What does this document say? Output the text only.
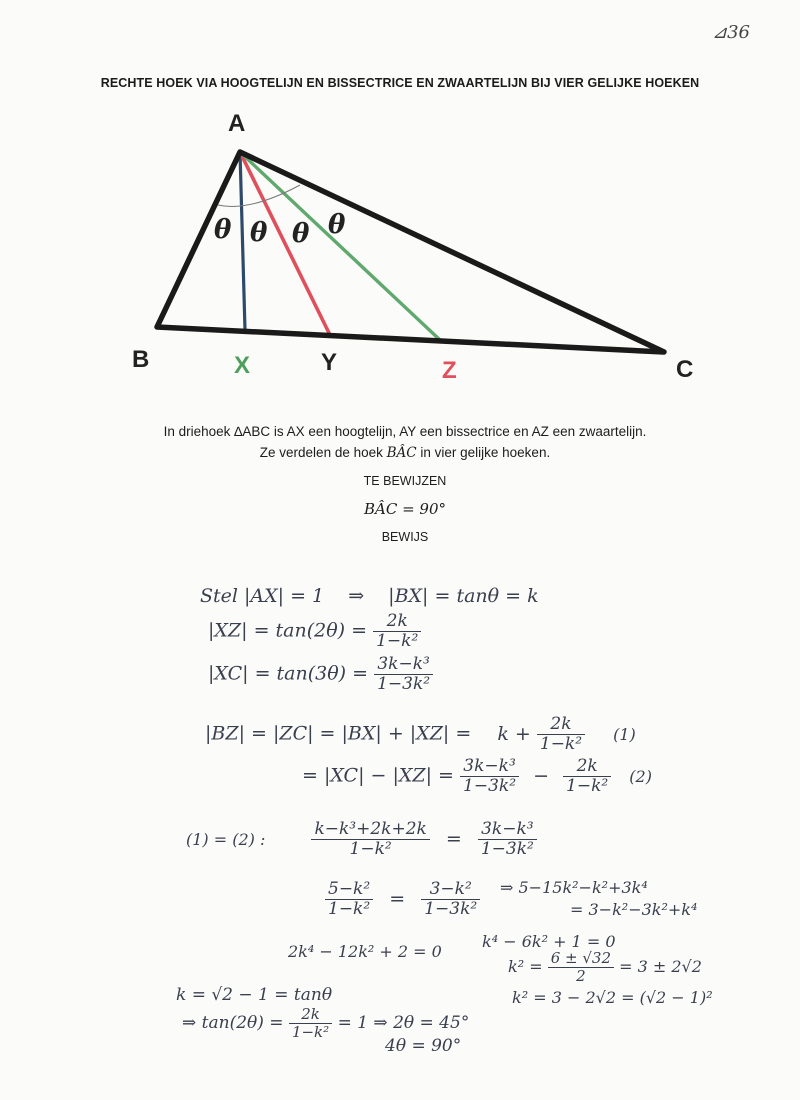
⊿36
RECHTE HOEK VIA HOOGTELIJN EN BISSECTRICE EN ZWAARTELIJN BIJ VIER GELIJKE HOEKEN
A
B	C
X	Y	Z
θ θ θ θ
In driehoek ∆ABC is AX een hoogtelijn, AY een bissectrice en AZ een zwaartelijn.
Ze verdelen de hoek BÂC in vier gelijke hoeken.
TE BEWIJZEN
BÂC = 90°
BEWIJS
Stel |AX| = 1 ⇒ |BX| = tanθ = k
$|XZ| = \tan(2\theta) = \frac{2k}{\text{1−k²}}$
$|XC| = \tan(3\theta) = \frac{\text{3k−k³}}{\text{1−3k²}}$
$|BZ| = |ZC| = |BX| + |XZ| = k + \frac{2k}{\text{1−k²}} (1)$
= $|XC| - |XZ| = \frac{\text{3k−k³}}{\text{1−3k²}} - \frac{2k}{\text{1−k²}} (2)$
(1) = (2) :	$\frac{\text{k−k³+2k+2k}}{\text{1−k²}} = \frac{\text{3k−k³}}{\text{1−3k²}}$
$\frac{\text{5−k²}}{\text{1−k²}} = \frac{\text{3−k²}}{\text{1−3k²}}$ ⇒ 5−15k²−k²+3k⁴
= 3−k²−3k²+k⁴
2k⁴ − 12k² + 2 = 0
k⁴ − 6k² + 1 = 0
$k^2 = \frac{6 \pm √32}{2} = 3 \pm 2√2$
k² = 3 − 2√2 = (√2 − 1)²
k = √2 − 1 = tanθ
⇒ $\tan(2\theta) = \frac{2k}{\text{1−k²}} = 1$ ⇒ 2θ = 45°
4θ = 90°
